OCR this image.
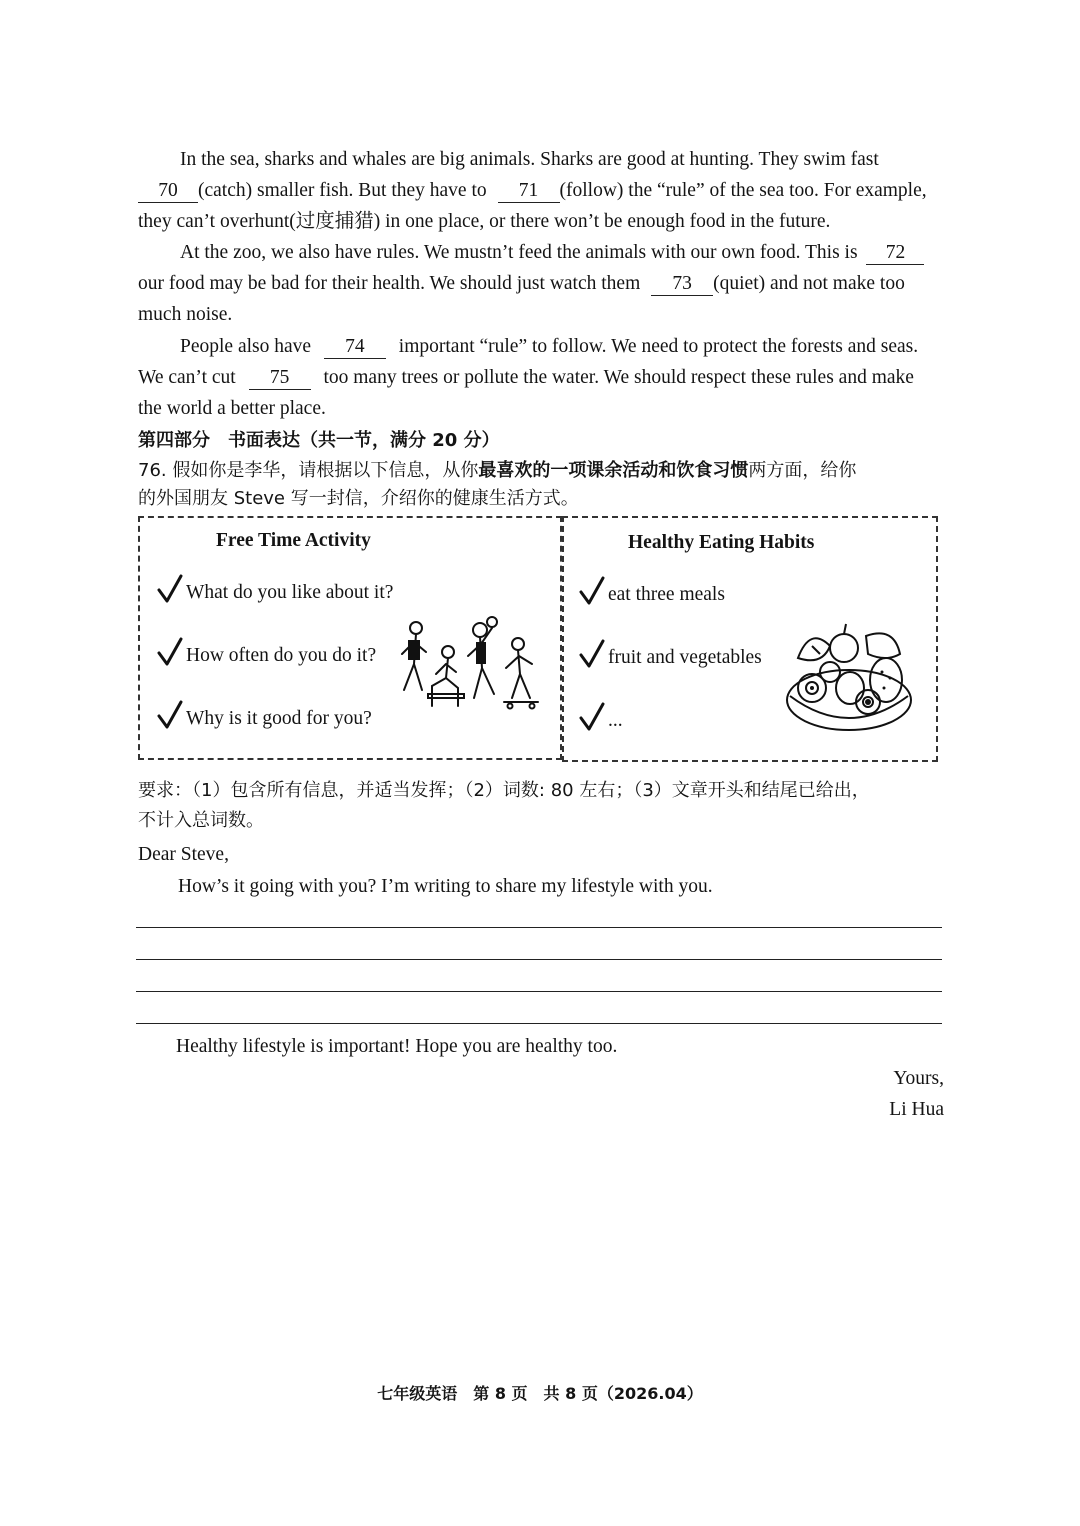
In the sea, sharks and whales are big animals. Sharks are good at hunting. They swim fast
70 (catch) smaller fish. But they have to 71 (follow) the “rule” of the sea too. For example,
they can’t overhunt(过度捕猎) in one place, or there won’t be enough food in the future.
At the zoo, we also have rules. We mustn’t feed the animals with our own food. This is 72
our food may be bad for their health. We should just watch them 73 (quiet) and not make too
much noise.
People also have 74 important “rule” to follow. We need to protect the forests and seas.
We can’t cut 75 too many trees or pollute the water. We should respect these rules and make
the world a better place.
第四部分　书面表达（共一节，满分 20 分）
76. 假如你是李华，请根据以下信息，从你最喜欢的一项课余活动和饮食习惯两方面，给你
的外国朋友 Steve 写一封信，介绍你的健康生活方式。
Free Time Activity
What do you like about it?
How often do you do it?
Why is it good for you?
Healthy Eating Habits
eat three meals
fruit and vegetables
...
要求：（1）包含所有信息，并适当发挥；（2）词数: 80 左右；（3）文章开头和结尾已给出，
不计入总词数。
Dear Steve,
How’s it going with you? I’m writing to share my lifestyle with you.
Healthy lifestyle is important! Hope you are healthy too.
Yours,
Li Hua
七年级英语　第 8 页　共 8 页（2026.04）
